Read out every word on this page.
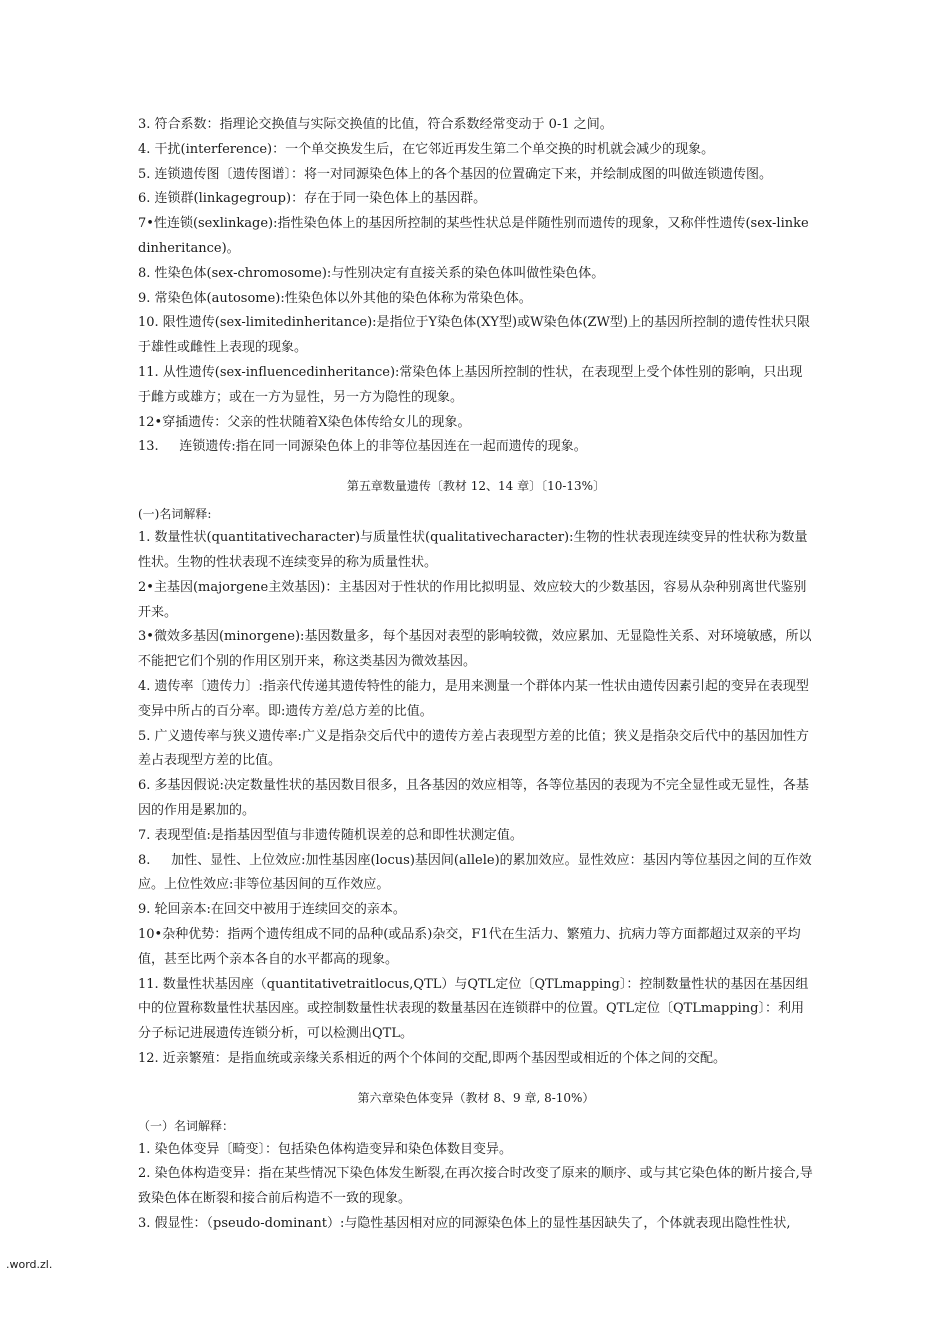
3. 符合系数：指理论交换值与实际交换值的比值，符合系数经常变动于 0-1 之间。

4. 干扰(interference)：一个单交换发生后，在它邻近再发生第二个单交换的时机就会减少的现象。

5. 连锁遗传图〔遗传图谱〕：将一对同源染色体上的各个基因的位置确定下来，并绘制成图的叫做连锁遗传图。

6. 连锁群(linkagegroup)：存在于同一染色体上的基因群。

7•性连锁(sexlinkage):指性染色体上的基因所控制的某些性状总是伴随性别而遗传的现象，又称伴性遗传(sex-linkedinheritance)。

8. 性染色体(sex-chromosome):与性别决定有直接关系的染色体叫做性染色体。

9. 常染色体(autosome):性染色体以外其他的染色体称为常染色体。

10. 限性遗传(sex-limitedinheritance):是指位于Y染色体(XY型)或W染色体(ZW型)上的基因所控制的遗传性状只限于雄性或雌性上表现的现象。

11. 从性遗传(sex-influencedinheritance):常染色体上基因所控制的性状，在表现型上受个体性别的影响，只出现于雌方或雄方；或在一方为显性，另一方为隐性的现象。

12•穿插遗传：父亲的性状随着X染色体传给女儿的现象。

13.     连锁遗传:指在同一同源染色体上的非等位基因连在一起而遗传的现象。

第五章数量遗传〔教材 12、14 章〕〔10-13%〕
(一)名词解释:

1. 数量性状(quantitativecharacter)与质量性状(qualitativecharacter):生物的性状表现连续变异的性状称为数量性状。生物的性状表现不连续变异的称为质量性状。

2•主基因(majorgene主效基因)：主基因对于性状的作用比拟明显、效应较大的少数基因，容易从杂种别离世代鉴别开来。

3•微效多基因(minorgene):基因数量多，每个基因对表型的影响较微，效应累加、无显隐性关系、对环境敏感，所以不能把它们个别的作用区别开来，称这类基因为微效基因。

4. 遗传率〔遗传力〕:指亲代传递其遗传特性的能力，是用来测量一个群体内某一性状由遗传因素引起的变异在表现型变异中所占的百分率。即:遗传方差/总方差的比值。

5. 广义遗传率与狭义遗传率:广义是指杂交后代中的遗传方差占表现型方差的比值；狭义是指杂交后代中的基因加性方差占表现型方差的比值。

6. 多基因假说:决定数量性状的基因数目很多，且各基因的效应相等，各等位基因的表现为不完全显性或无显性，各基因的作用是累加的。

7. 表现型值:是指基因型值与非遗传随机误差的总和即性状测定值。

8.     加性、显性、上位效应:加性基因座(locus)基因间(allele)的累加效应。显性效应：基因内等位基因之间的互作效应。上位性效应:非等位基因间的互作效应。

9. 轮回亲本:在回交中被用于连续回交的亲本。

10•杂种优势：指两个遗传组成不同的品种(或品系)杂交，F1代在生活力、繁殖力、抗病力等方面都超过双亲的平均值，甚至比两个亲本各自的水平都高的现象。

11. 数量性状基因座（quantitativetraitlocus,QTL）与QTL定位〔QTLmapping〕：控制数量性状的基因在基因组中的位置称数量性状基因座。或控制数量性状表现的数量基因在连锁群中的位置。QTL定位〔QTLmapping〕：利用分子标记进展遗传连锁分析，可以检测出QTL。

12. 近亲繁殖：是指血统或亲缘关系相近的两个个体间的交配,即两个基因型或相近的个体之间的交配。

第六章染色体变异（教材 8、9 章, 8-10%）
（一）名词解释：

1. 染色体变异〔畸变〕：包括染色体构造变异和染色体数目变异。

2. 染色体构造变异：指在某些情况下染色体发生断裂,在再次接合时改变了原来的顺序、或与其它染色体的断片接合,导致染色体在断裂和接合前后构造不一致的现象。

3. 假显性：（pseudo-dominant）:与隐性基因相对应的同源染色体上的显性基因缺失了，个体就表现出隐性性状,

.word.zl.
